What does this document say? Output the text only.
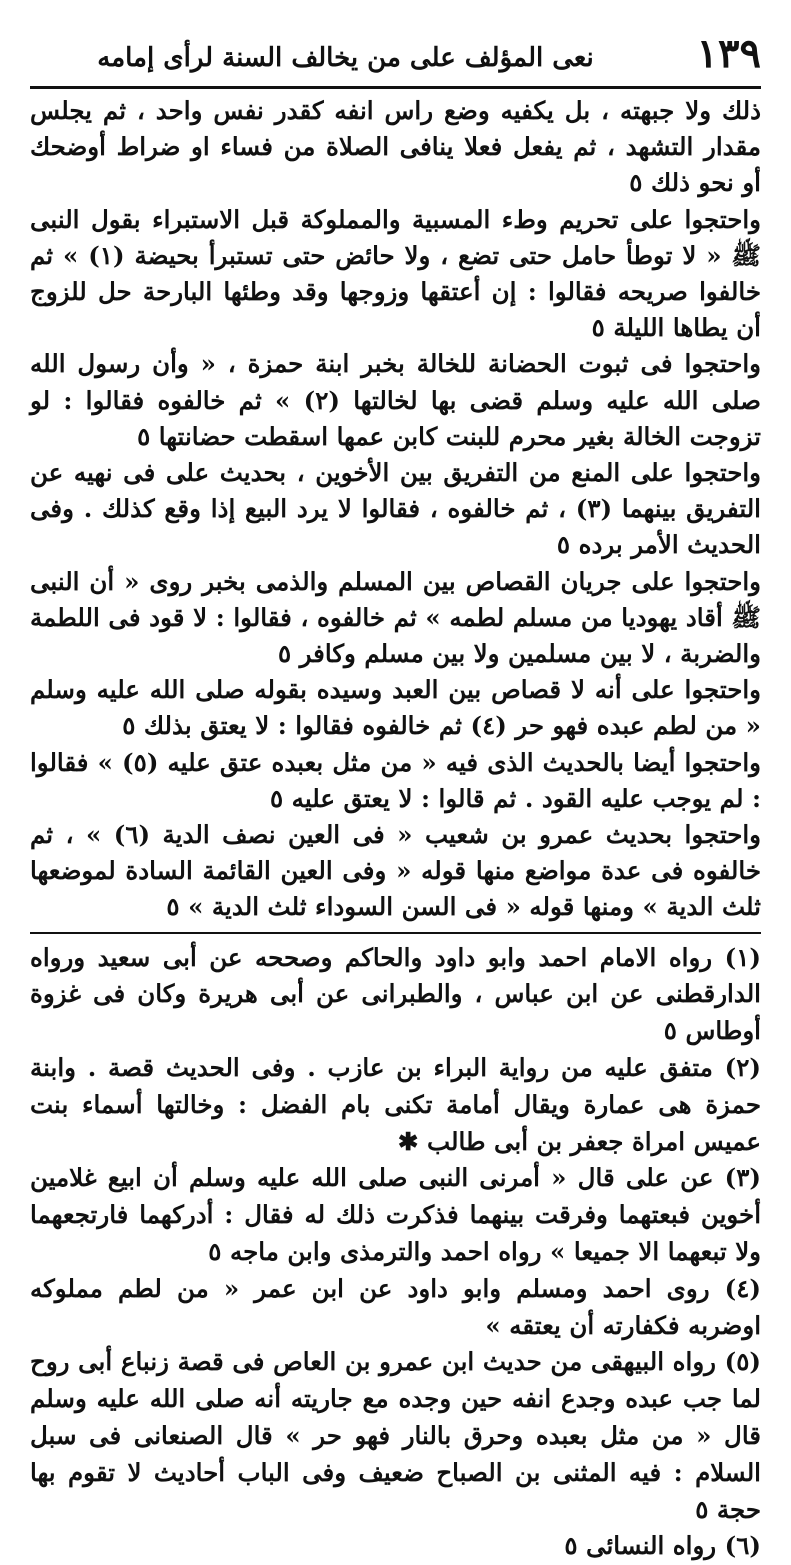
١٣٩
نعى المؤلف على من يخالف السنة لرأى إمامه

ذلك ولا جبهته ، بل يكفيه وضع راس انفه كقدر نفس واحد ، ثم يجلس مقدار التشهد ، ثم يفعل فعلا ينافى الصلاة من فساء او ضراط أوضحك أو نحو ذلك ٥

واحتجوا على تحريم وطء المسبية والمملوكة قبل الاستبراء بقول النبى ﷺ « لا توطأ حامل حتى تضع ، ولا حائض حتى تستبرأ بحيضة (١) » ثم خالفوا صريحه فقالوا : إن أعتقها وزوجها وقد وطئها البارحة حل للزوج أن يطاها الليلة ٥

واحتجوا فى ثبوت الحضانة للخالة بخبر ابنة حمزة ، « وأن رسول الله صلى الله عليه وسلم قضى بها لخالتها (٢) » ثم خالفوه فقالوا : لو تزوجت الخالة بغير محرم للبنت كابن عمها اسقطت حضانتها ٥

واحتجوا على المنع من التفريق بين الأخوين ، بحديث على فى نهيه عن التفريق بينهما (٣) ، ثم خالفوه ، فقالوا لا يرد البيع إذا وقع كذلك . وفى الحديث الأمر برده ٥

واحتجوا على جريان القصاص بين المسلم والذمى بخبر روى « أن النبى ﷺ أقاد يهوديا من مسلم لطمه » ثم خالفوه ، فقالوا : لا قود فى اللطمة والضربة ، لا بين مسلمين ولا بين مسلم وكافر ٥

واحتجوا على أنه لا قصاص بين العبد وسيده بقوله صلى الله عليه وسلم « من لطم عبده فهو حر (٤) ثم خالفوه فقالوا : لا يعتق بذلك ٥

واحتجوا أيضا بالحديث الذى فيه « من مثل بعبده عتق عليه (٥) » فقالوا : لم يوجب عليه القود . ثم قالوا : لا يعتق عليه ٥

واحتجوا بحديث عمرو بن شعيب « فى العين نصف الدية (٦) » ، ثم خالفوه فى عدة مواضع منها قوله « وفى العين القائمة السادة لموضعها ثلث الدية » ومنها قوله « فى السن السوداء ثلث الدية » ٥

(١) رواه الامام احمد وابو داود والحاكم وصححه عن أبى سعيد ورواه الدارقطنى عن ابن عباس ، والطبرانى عن أبى هريرة وكان فى غزوة أوطاس ٥

(٢) متفق عليه من رواية البراء بن عازب . وفى الحديث قصة . وابنة حمزة هى عمارة ويقال أمامة تكنى بام الفضل : وخالتها أسماء بنت عميس امراة جعفر بن أبى طالب ✱

(٣) عن على قال « أمرنى النبى صلى الله عليه وسلم أن ابيع غلامين أخوين فبعتهما وفرقت بينهما فذكرت ذلك له فقال : أدركهما فارتجعهما ولا تبعهما الا جميعا » رواه احمد والترمذى وابن ماجه ٥

(٤) روى احمد ومسلم وابو داود عن ابن عمر « من لطم مملوكه اوضربه فكفارته أن يعتقه »

(٥) رواه البيهقى من حديث ابن عمرو بن العاص فى قصة زنباع أبى روح لما جب عبده وجدع انفه حين وجده مع جاريته أنه صلى الله عليه وسلم قال « من مثل بعبده وحرق بالنار فهو حر » قال الصنعانى فى سبل السلام : فيه المثنى بن الصباح ضعيف وفى الباب أحاديث لا تقوم بها حجة ٥

(٦) رواه النسائى ٥
